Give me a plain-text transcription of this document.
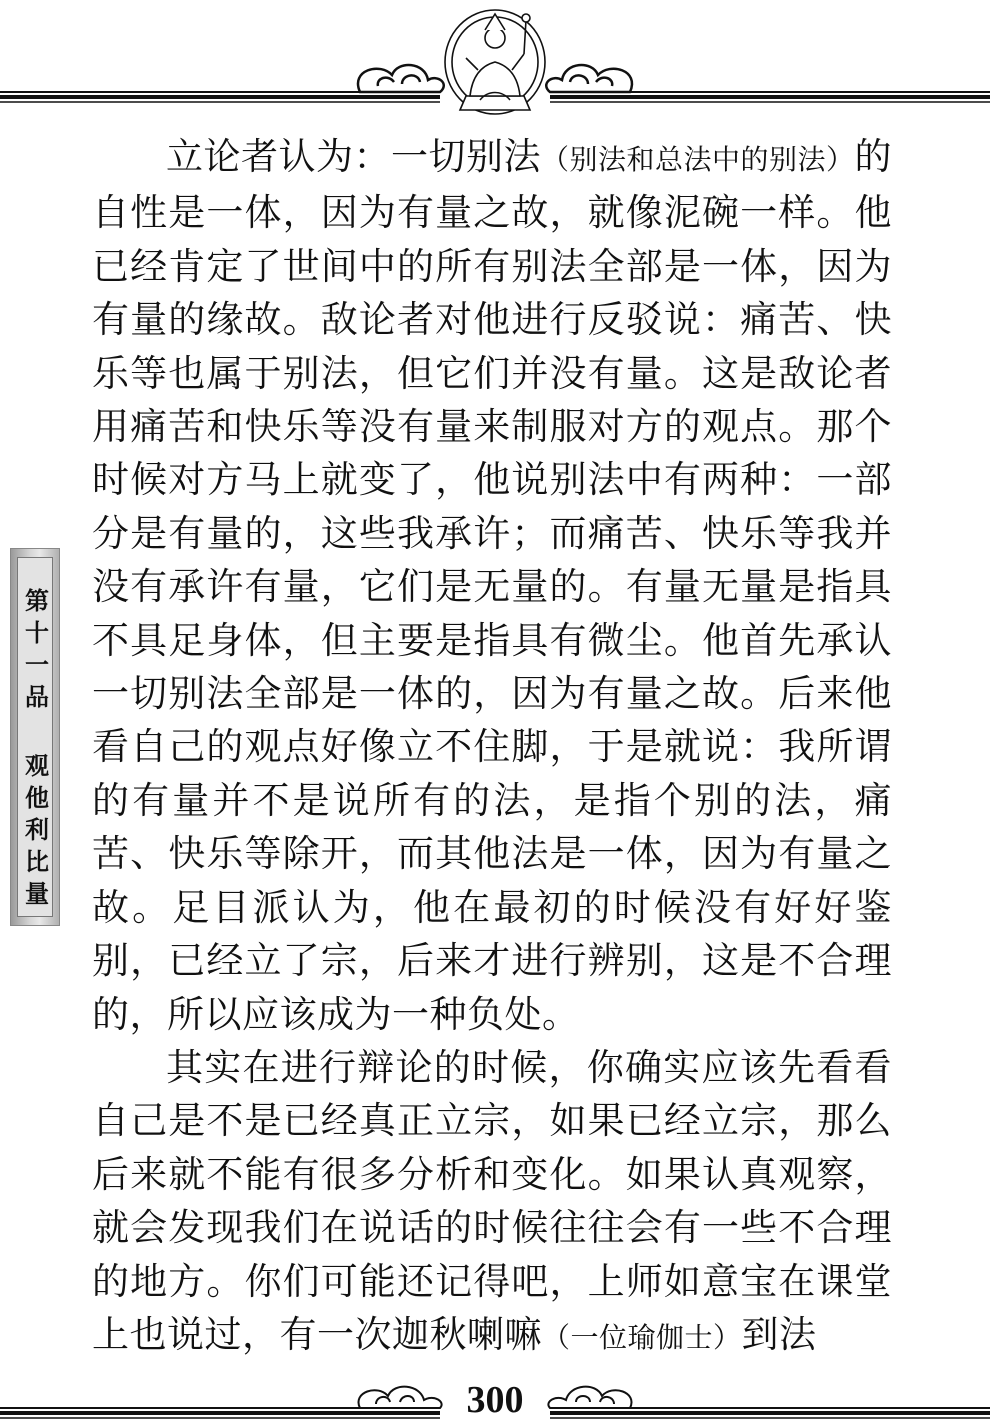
第十一品 观他利比量

立论者认为：一切别法（别法和总法中的别法）的自性是一体，因为有量之故，就像泥碗一样。他已经肯定了世间中的所有别法全部是一体，因为有量的缘故。敌论者对他进行反驳说：痛苦、快乐等也属于别法，但它们并没有量。这是敌论者用痛苦和快乐等没有量来制服对方的观点。那个时候对方马上就变了，他说别法中有两种：一部分是有量的，这些我承许；而痛苦、快乐等我并没有承许有量，它们是无量的。有量无量是指具不具足身体，但主要是指具有微尘。他首先承认一切别法全部是一体的，因为有量之故。后来他看自己的观点好像立不住脚，于是就说：我所谓的有量并不是说所有的法，是指个别的法，痛苦、快乐等除开，而其他法是一体，因为有量之故。足目派认为，他在最初的时候没有好好鉴别，已经立了宗，后来才进行辨别，这是不合理的，所以应该成为一种负处。

其实在进行辩论的时候，你确实应该先看看自己是不是已经真正立宗，如果已经立宗，那么后来就不能有很多分析和变化。如果认真观察，就会发现我们在说话的时候往往会有一些不合理的地方。你们可能还记得吧，上师如意宝在课堂上也说过，有一次迦秋喇嘛（一位瑜伽士）到法

300
